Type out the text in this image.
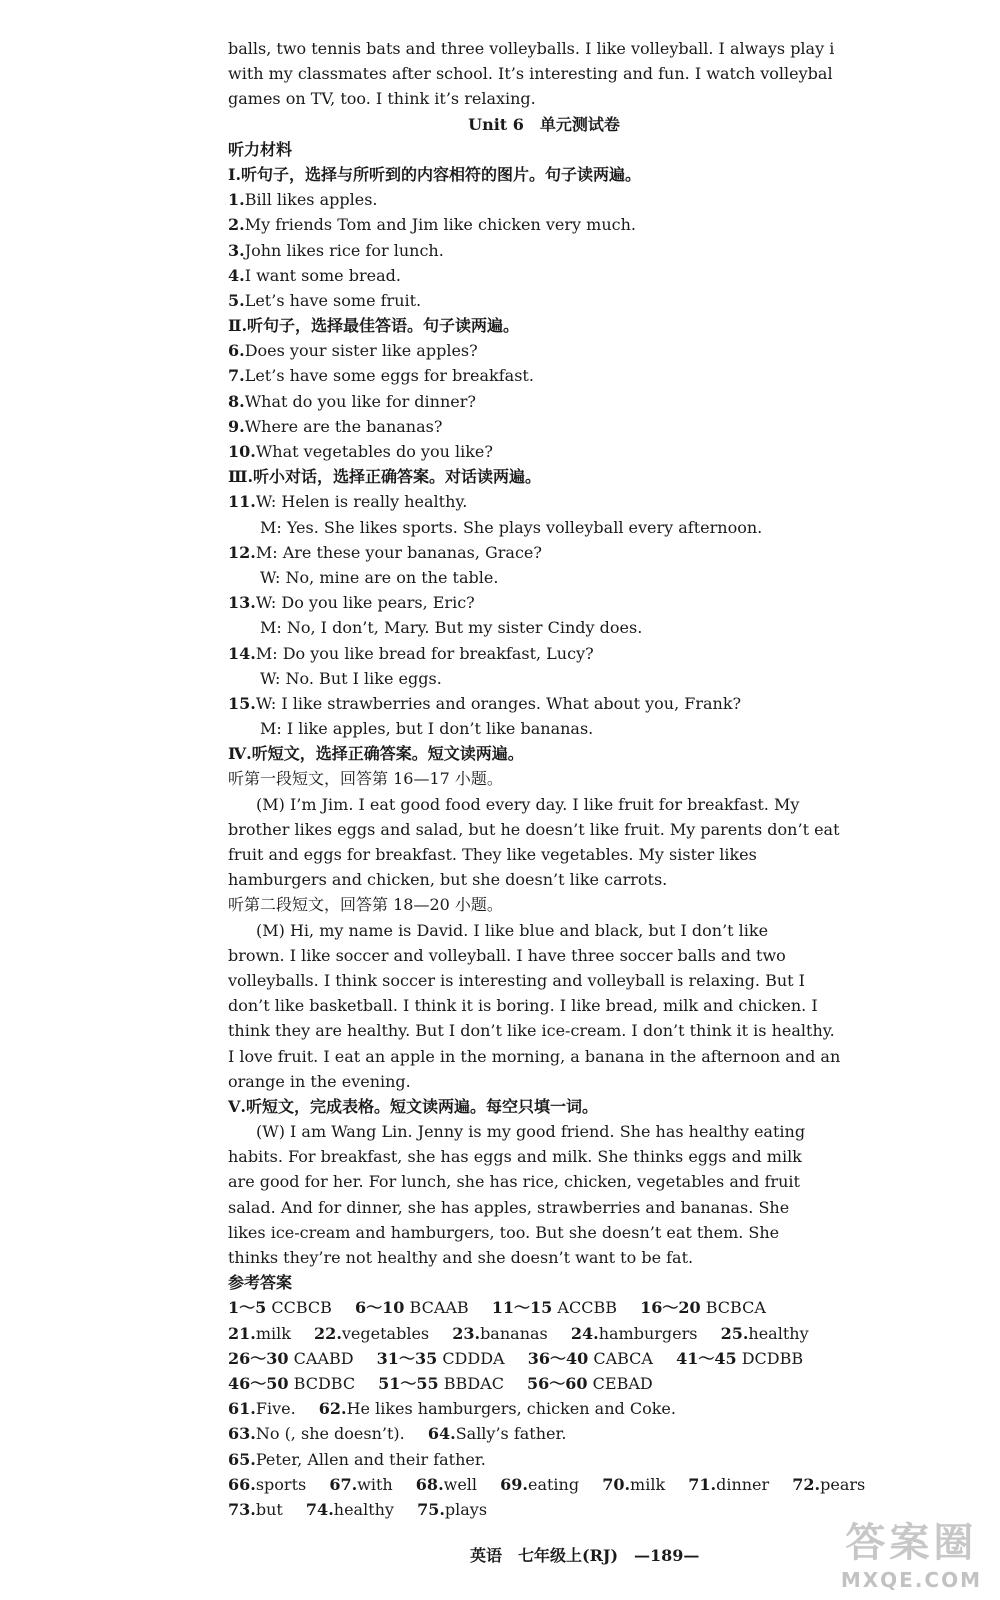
balls, two tennis bats and three volleyballs. I like volleyball. I always play i
with my classmates after school. It’s interesting and fun. I watch volleybal
games on TV, too. I think it’s relaxing.
Unit 6　单元测试卷
听力材料
Ⅰ.听句子，选择与所听到的内容相符的图片。句子读两遍。
1.Bill likes apples.
2.My friends Tom and Jim like chicken very much.
3.John likes rice for lunch.
4.I want some bread.
5.Let’s have some fruit.
Ⅱ.听句子，选择最佳答语。句子读两遍。
6.Does your sister like apples?
7.Let’s have some eggs for breakfast.
8.What do you like for dinner?
9.Where are the bananas?
10.What vegetables do you like?
Ⅲ.听小对话，选择正确答案。对话读两遍。
11.W: Helen is really healthy.
M: Yes. She likes sports. She plays volleyball every afternoon.
12.M: Are these your bananas, Grace?
W: No, mine are on the table.
13.W: Do you like pears, Eric?
M: No, I don’t, Mary. But my sister Cindy does.
14.M: Do you like bread for breakfast, Lucy?
W: No. But I like eggs.
15.W: I like strawberries and oranges. What about you, Frank?
M: I like apples, but I don’t like bananas.
Ⅳ.听短文，选择正确答案。短文读两遍。
听第一段短文，回答第 16—17 小题。
(M) I’m Jim. I eat good food every day. I like fruit for breakfast. My
brother likes eggs and salad, but he doesn’t like fruit. My parents don’t eat
fruit and eggs for breakfast. They like vegetables. My sister likes
hamburgers and chicken, but she doesn’t like carrots.
听第二段短文，回答第 18—20 小题。
(M) Hi, my name is David. I like blue and black, but I don’t like
brown. I like soccer and volleyball. I have three soccer balls and two
volleyballs. I think soccer is interesting and volleyball is relaxing. But I
don’t like basketball. I think it is boring. I like bread, milk and chicken. I
think they are healthy. But I don’t like ice-cream. I don’t think it is healthy.
I love fruit. I eat an apple in the morning, a banana in the afternoon and an
orange in the evening.
Ⅴ.听短文，完成表格。短文读两遍。每空只填一词。
(W) I am Wang Lin. Jenny is my good friend. She has healthy eating
habits. For breakfast, she has eggs and milk. She thinks eggs and milk
are good for her. For lunch, she has rice, chicken, vegetables and fruit
salad. And for dinner, she has apples, strawberries and bananas. She
likes ice-cream and hamburgers, too. But she doesn’t eat them. She
thinks they’re not healthy and she doesn’t want to be fat.
参考答案
1～5 CCBCB 6～10 BCAAB 11～15 ACCBB 16～20 BCBCA
21.milk 22.vegetables 23.bananas 24.hamburgers 25.healthy
26～30 CAABD 31～35 CDDDA 36～40 CABCA 41～45 DCDBB
46～50 BCDBC 51～55 BBDAC 56～60 CEBAD
61.Five. 62.He likes hamburgers, chicken and Coke.
63.No (, she doesn’t). 64.Sally’s father.
65.Peter, Allen and their father.
66.sports 67.with 68.well 69.eating 70.milk 71.dinner 72.pears
73.but 74.healthy 75.plays
英语　七年级上(RJ)　—189—	答案圈
MXQE.COM
